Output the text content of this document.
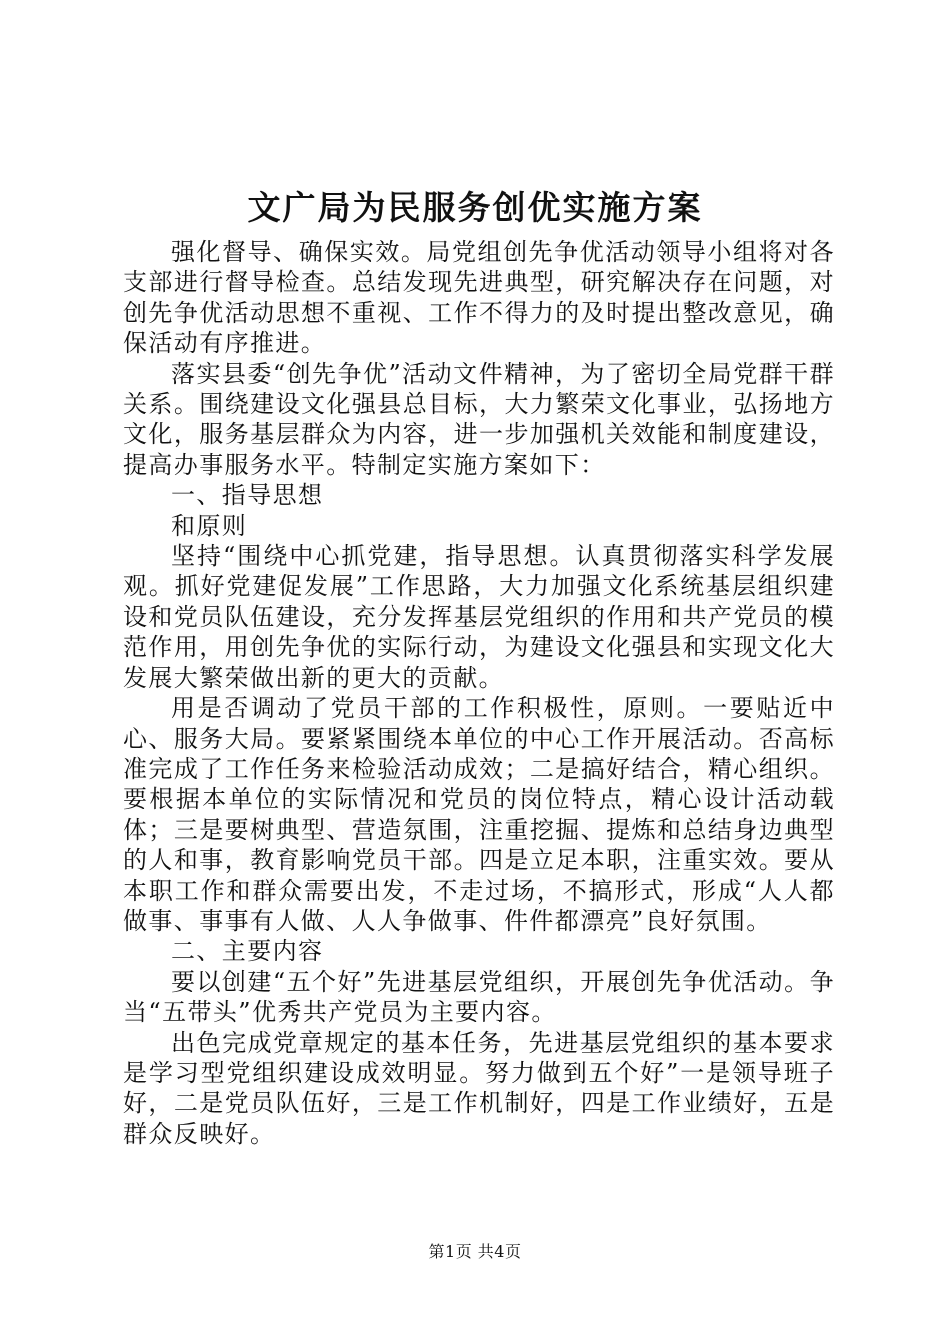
文广局为民服务创优实施方案

强化督导、确保实效。局党组创先争优活动领导小组将对各支部进行督导检查。总结发现先进典型，研究解决存在问题，对创先争优活动思想不重视、工作不得力的及时提出整改意见，确保活动有序推进。

落实县委“创先争优”活动文件精神，为了密切全局党群干群关系。围绕建设文化强县总目标，大力繁荣文化事业，弘扬地方文化，服务基层群众为内容，进一步加强机关效能和制度建设，提高办事服务水平。特制定实施方案如下：

一、指导思想

和原则

坚持“围绕中心抓党建，指导思想。认真贯彻落实科学发展观。抓好党建促发展”工作思路，大力加强文化系统基层组织建设和党员队伍建设，充分发挥基层党组织的作用和共产党员的模范作用，用创先争优的实际行动，为建设文化强县和实现文化大发展大繁荣做出新的更大的贡献。

用是否调动了党员干部的工作积极性，原则。一要贴近中心、服务大局。要紧紧围绕本单位的中心工作开展活动。否高标准完成了工作任务来检验活动成效；二是搞好结合，精心组织。要根据本单位的实际情况和党员的岗位特点，精心设计活动载体；三是要树典型、营造氛围，注重挖掘、提炼和总结身边典型的人和事，教育影响党员干部。四是立足本职，注重实效。要从本职工作和群众需要出发，不走过场，不搞形式，形成“人人都做事、事事有人做、人人争做事、件件都漂亮”良好氛围。

二、主要内容

要以创建“五个好”先进基层党组织，开展创先争优活动。争当“五带头”优秀共产党员为主要内容。

出色完成党章规定的基本任务，先进基层党组织的基本要求是学习型党组织建设成效明显。努力做到五个好”一是领导班子好，二是党员队伍好，三是工作机制好，四是工作业绩好，五是群众反映好。

第1页 共4页
